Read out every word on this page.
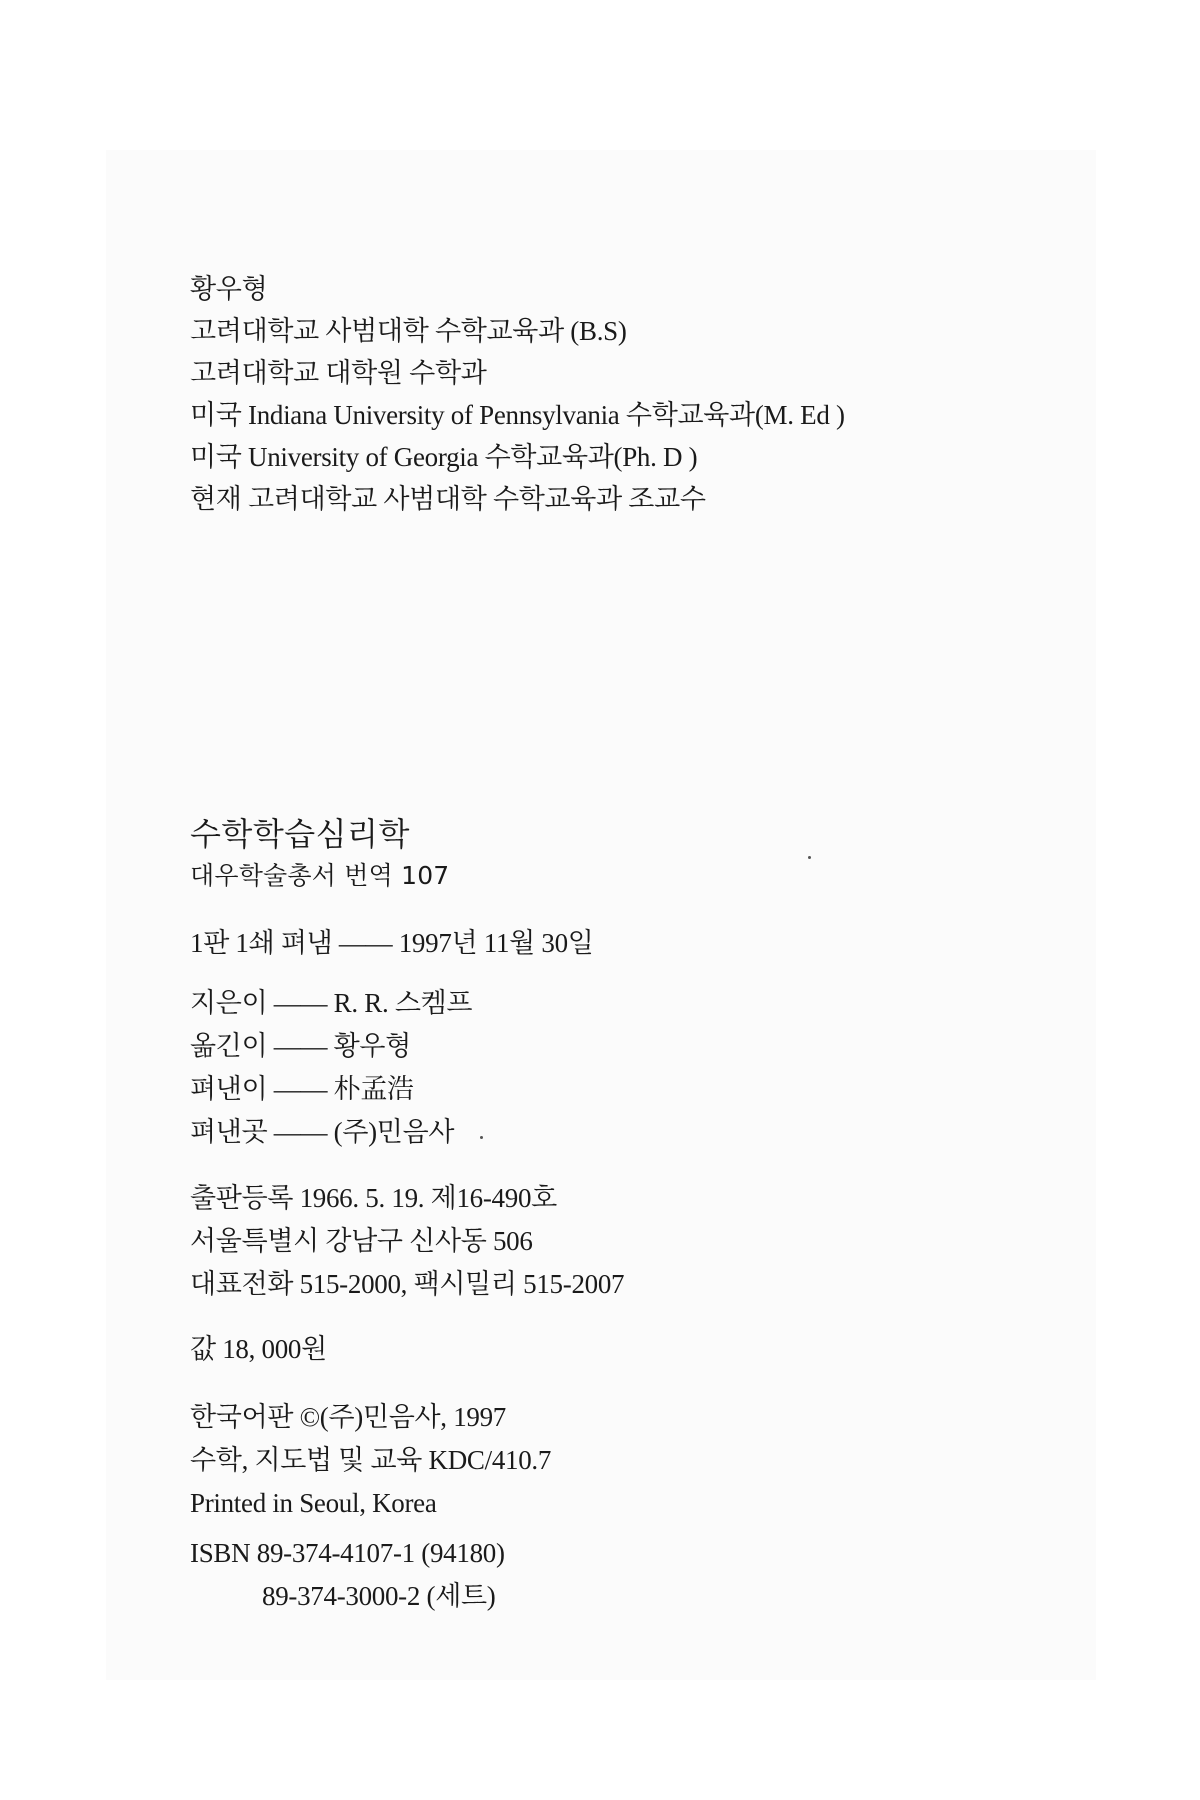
황우형
고려대학교 사범대학 수학교육과 (B.S)
고려대학교 대학원 수학과
미국 Indiana University of Pennsylvania 수학교육과(M. Ed )
미국 University of Georgia 수학교육과(Ph. D )
현재 고려대학교 사범대학 수학교육과 조교수
수학학습심리학
대우학술총서 번역 107
1판 1쇄 펴냄 —— 1997년 11월 30일
지은이 —— R. R. 스켐프
옮긴이 —— 황우형
펴낸이 —— 朴孟浩
펴낸곳 —— (주)민음사
출판등록 1966. 5. 19. 제16-490호
서울특별시 강남구 신사동 506
대표전화 515-2000, 팩시밀리 515-2007
값 18, 000원
한국어판 ©(주)민음사, 1997
수학, 지도법 및 교육 KDC/410.7
Printed in Seoul, Korea
ISBN 89-374-4107-1 (94180)
89-374-3000-2 (세트)
